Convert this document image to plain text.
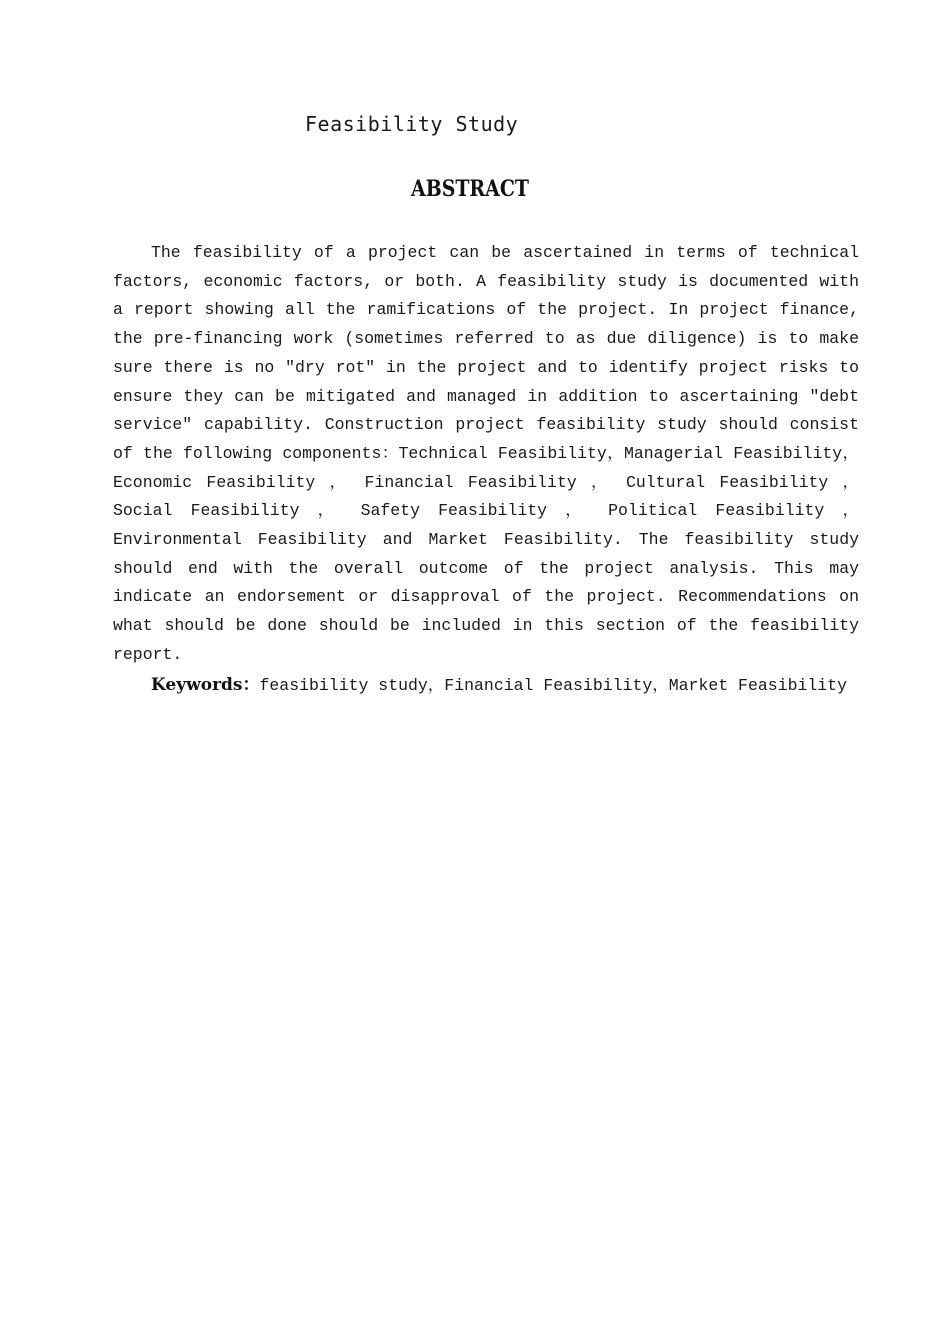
Feasibility Study
ABSTRACT

The feasibility of a project can be ascertained in terms of technical factors, economic factors, or both. A feasibility study is documented with a report showing all the ramifications of the project. In project finance, the pre-financing work (sometimes referred to as due diligence) is to make sure there is no "dry rot" in the project and to identify project risks to ensure they can be mitigated and managed in addition to ascertaining "debt service" capability. Construction project feasibility study should consist of the following components：Technical Feasibility，Managerial Feasibility，Economic Feasibility ， Financial Feasibility ， Cultural Feasibility ， Social Feasibility ， Safety Feasibility ， Political Feasibility ， Environmental Feasibility and Market Feasibility. The feasibility study should end with the overall outcome of the project analysis. This may indicate an endorsement or disapproval of the project. Recommendations on what should be done should be included in this section of the feasibility report.

Keywords：feasibility study，Financial Feasibility，Market Feasibility
